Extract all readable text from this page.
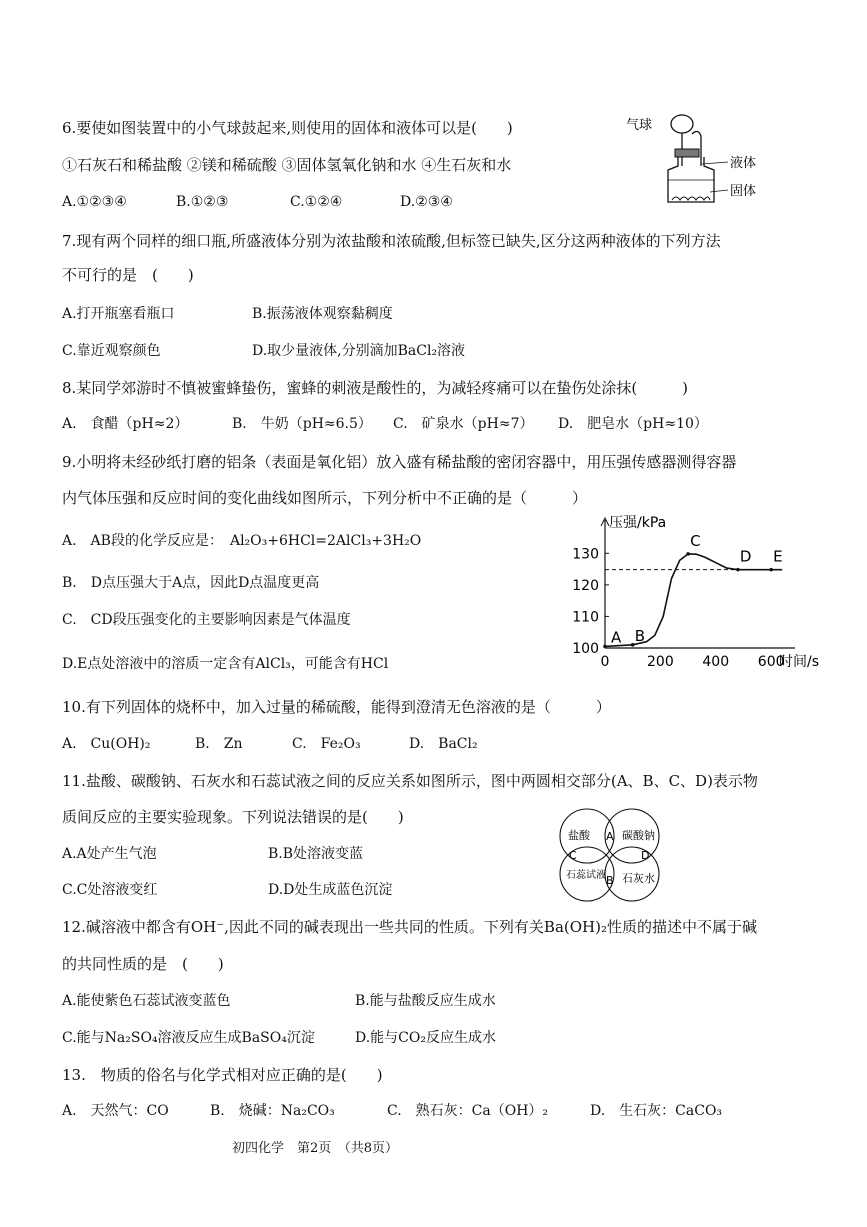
6.要使如图装置中的小气球鼓起来,则使用的固体和液体可以是(　　)
①石灰石和稀盐酸 ②镁和稀硫酸 ③固体氢氧化钠和水 ④生石灰和水
A.①②③④	B.①②③	C.①②④	D.②③④
气球
液体
固体
7.现有两个同样的细口瓶,所盛液体分别为浓盐酸和浓硫酸,但标签已缺失,区分这两种液体的下列方法
不可行的是　(　　)
A.打开瓶塞看瓶口	B.振荡液体观察黏稠度
C.靠近观察颜色	D.取少量液体,分别滴加BaCl₂溶液
8.某同学郊游时不慎被蜜蜂蛰伤，蜜蜂的刺液是酸性的，为减轻疼痛可以在蛰伤处涂抹(　　　)
A.　食醋（pH≈2）	B.　牛奶（pH≈6.5） C.　矿泉水（pH≈7） D.　肥皂水（pH≈10）
9.小明将未经砂纸打磨的铝条（表面是氧化铝）放入盛有稀盐酸的密闭容器中，用压强传感器测得容器
内气体压强和反应时间的变化曲线如图所示，下列分析中不正确的是（　　　）
A.　AB段的化学反应是：　Al₂O₃+6HCl=2AlCl₃+3H₂O
B.　D点压强大于A点，因此D点温度更高
C.　CD段压强变化的主要影响因素是气体温度
D.E点处溶液中的溶质一定含有AlCl₃，可能含有HCl
压强/kPa
时间/s
0	200 400 600
100
110
120
130
A B
C
D E
10.有下列固体的烧杯中，加入过量的稀硫酸，能得到澄清无色溶液的是（　　　）
A.　Cu(OH)₂	B.　Zn	C.　Fe₂O₃	D.　BaCl₂
11.盐酸、碳酸钠、石灰水和石蕊试液之间的反应关系如图所示，图中两圆相交部分(A、B、C、D)表示物
质间反应的主要实验现象。下列说法错误的是(　　)
A.A处产生气泡	B.B处溶液变蓝
C.C处溶液变红	D.D处生成蓝色沉淀
盐酸	碳酸钠
石蕊试液 石灰水
A
B
C	D
12.碱溶液中都含有OH⁻,因此不同的碱表现出一些共同的性质。下列有关Ba(OH)₂性质的描述中不属于碱
的共同性质的是　(　　)
A.能使紫色石蕊试液变蓝色	B.能与盐酸反应生成水
C.能与Na₂SO₄溶液反应生成BaSO₄沉淀	D.能与CO₂反应生成水
13.　物质的俗名与化学式相对应正确的是(　　)
A.　天然气：CO	B.　烧碱：Na₂CO₃	C.　熟石灰：Ca（OH）₂	D.　生石灰：CaCO₃
初四化学　第2页　（共8页）
